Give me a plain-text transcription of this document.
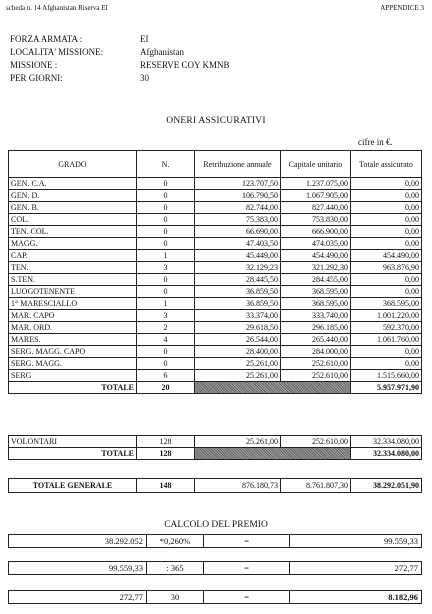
scheda n. 14 Afghanistan Riserva EI	APPENDICE 3
FORZA ARMATA :	EI
LOCALITA' MISSIONE:	Afghanistan
MISSIONE :	RESERVE COY KMNB
PER GIORNI:	30
ONERI ASSICURATIVI
cifre in €.
GRADO	N.	Retribuzione annuale	Capitale unitario	Totale assicurato
GEN. C.A.	0	123.707,50	1.237.075,00	0,00
GEN. D.	0	106.790,50	1.067.905,00	0,00
GEN. B.	0	82.744,00	827.440,00	0,00
COL.	0	75.383,00	753.830,00	0,00
TEN. COL.	0	66.690,00	666.900,00	0,00
MAGG.	0	47.403,50	474.035,00	0,00
CAP.	1	45.449,00	454.490,00	454.490,00
TEN.	3	32.129,23	321.292,30	963.876,90
S.TEN.	0	28.445,50	284.455,00	0,00
LUOGOTENENTE	0	36.859,50	368.595,00	0,00
1° MARESCIALLO	1	36.859,50	368.595,00	368.595,00
MAR. CAPO	3	33.374,00	333.740,00	1.001.220,00
MAR. ORD.	2	29.618,50	296.185,00	592.370,00
MARES.	4	26.544,00	265.440,00	1.061.760,00
SERG. MAGG. CAPO	0	28.400,00	284.000,00	0,00
SERG. MAGG.	0	25.261,00	252.610,00	0,00
SERG	6	25.261,00	252.610,00	1.515.660,00
TOTALE	20			5.957.971,90
VOLONTARI	128	25.261,00	252.610,00	32.334.080,00
TOTALE	128			32.334.080,00
TOTALE GENERALE	148	876.180,73	8.761.807,30	38.292.051,90
CALCOLO DEL PREMIO
38.292.052	*0,260%	=	99.559,33
99.559,33	: 365	=	272,77
272,77	30	=	8.182,96
